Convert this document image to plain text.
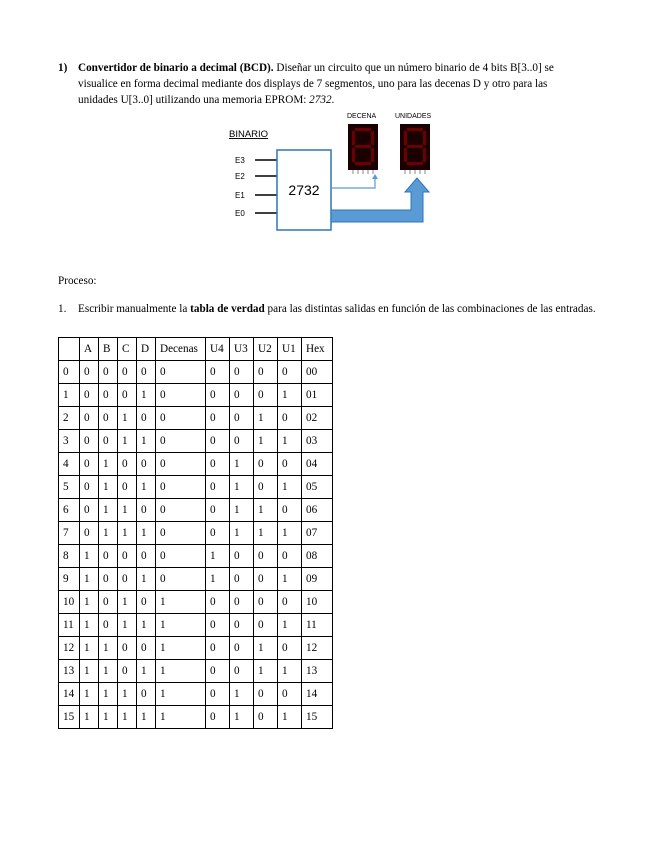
1) Convertidor de binario a decimal (BCD). Diseñar un circuito que un número binario de 4 bits B[3..0] se visualice en forma decimal mediante dos displays de 7 segmentos, uno para las decenas D y otro para las unidades U[3..0] utilizando una memoria EPROM: 2732.
BINARIO
DECENA	UNIDADES
E3
E2
E1
E0
2732
Proceso:
1. Escribir manualmente la tabla de verdad para las distintas salidas en función de las combinaciones de las entradas.
	A	B	C	D	Decenas	U4	U3	U2	U1	Hex
0	0	0	0	0	0	0	0	0	0	00
1	0	0	0	1	0	0	0	0	1	01
2	0	0	1	0	0	0	0	1	0	02
3	0	0	1	1	0	0	0	1	1	03
4	0	1	0	0	0	0	1	0	0	04
5	0	1	0	1	0	0	1	0	1	05
6	0	1	1	0	0	0	1	1	0	06
7	0	1	1	1	0	0	1	1	1	07
8	1	0	0	0	0	1	0	0	0	08
9	1	0	0	1	0	1	0	0	1	09
10	1	0	1	0	1	0	0	0	0	10
11	1	0	1	1	1	0	0	0	1	11
12	1	1	0	0	1	0	0	1	0	12
13	1	1	0	1	1	0	0	1	1	13
14	1	1	1	0	1	0	1	0	0	14
15	1	1	1	1	1	0	1	0	1	15
